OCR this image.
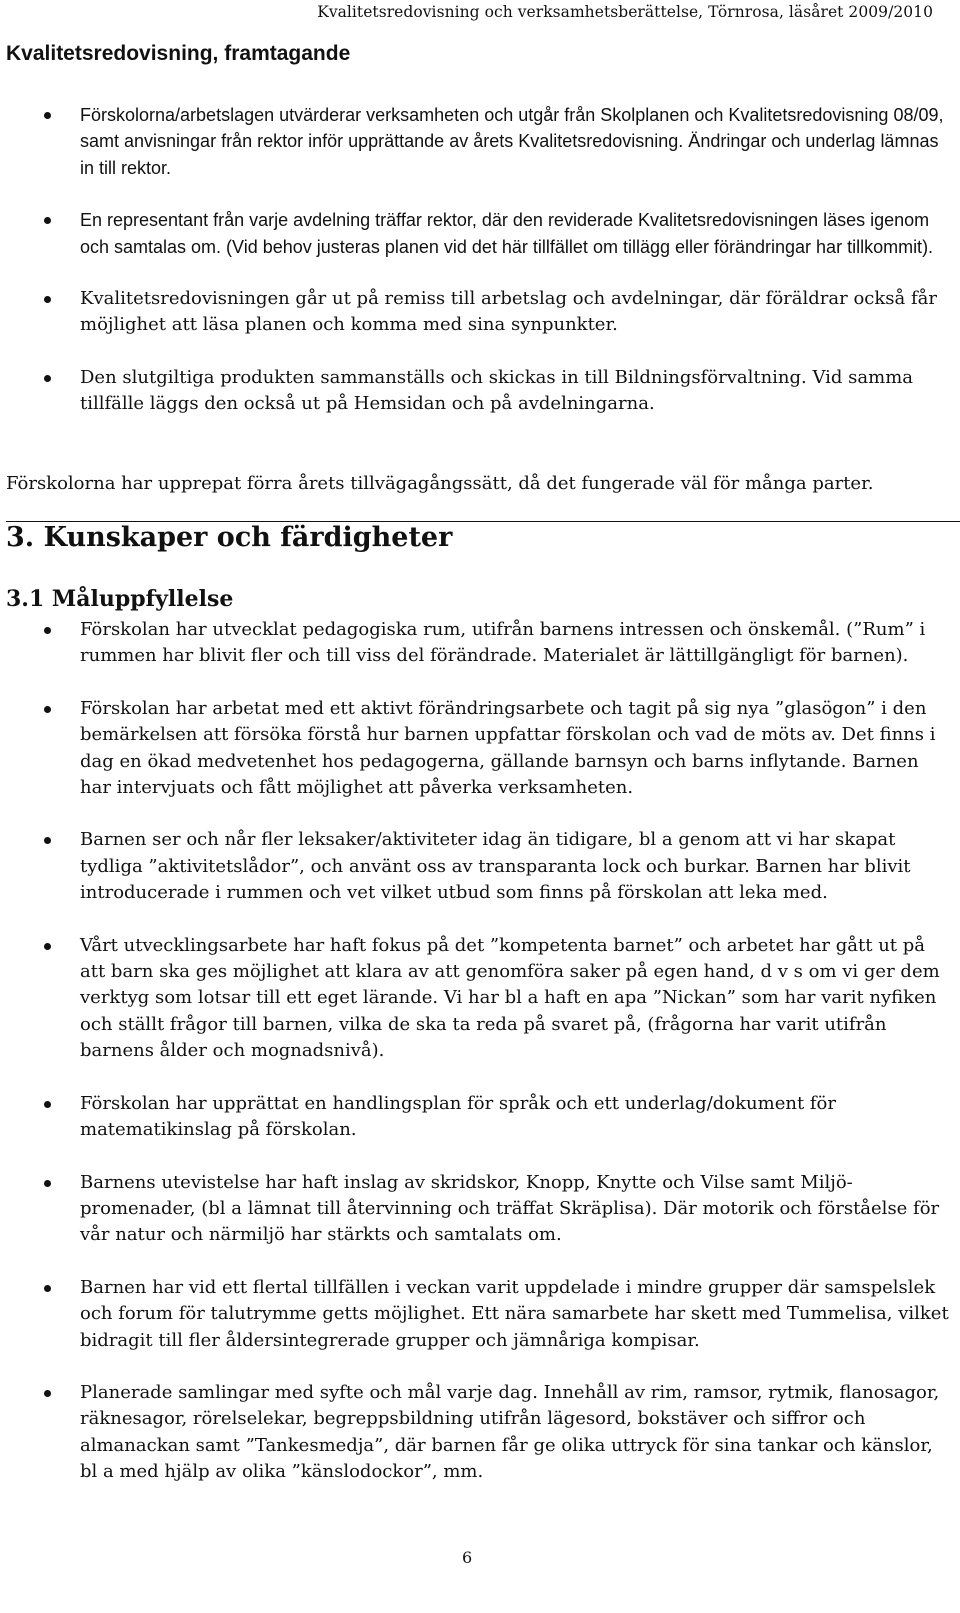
Kvalitetsredovisning och verksamhetsberättelse, Törnrosa, läsåret 2009/2010
Kvalitetsredovisning, framtagande
Förskolorna/arbetslagen utvärderar verksamheten och utgår från Skolplanen och Kvalitetsredovisning 08/09, samt anvisningar från rektor inför upprättande av årets Kvalitetsredovisning. Ändringar och underlag lämnas in till rektor.
En representant från varje avdelning träffar rektor, där den reviderade Kvalitetsredovisningen läses igenom och samtalas om. (Vid behov justeras planen vid det här tillfället om tillägg eller förändringar har tillkommit).
Kvalitetsredovisningen går ut på remiss till arbetslag och avdelningar, där föräldrar också får möjlighet att läsa planen och komma med sina synpunkter.
Den slutgiltiga produkten sammanställs och skickas in till Bildningsförvaltning. Vid samma tillfälle läggs den också ut på Hemsidan och på avdelningarna.
Förskolorna har upprepat förra årets tillvägagångssätt, då det fungerade väl för många parter.
3. Kunskaper och färdigheter
3.1 Måluppfyllelse
Förskolan har utvecklat pedagogiska rum, utifrån barnens intressen och önskemål. (”Rum” i rummen har blivit fler och till viss del förändrade. Materialet är lättillgängligt för barnen).
Förskolan har arbetat med ett aktivt förändringsarbete och tagit på sig nya ”glasögon” i den bemärkelsen att försöka förstå hur barnen uppfattar förskolan och vad de möts av. Det finns i dag en ökad medvetenhet hos pedagogerna, gällande barnsyn och barns inflytande. Barnen har intervjuats och fått möjlighet att påverka verksamheten.
Barnen ser och når fler leksaker/aktiviteter idag än tidigare, bl a genom att vi har skapat tydliga ”aktivitetslådor”, och använt oss av transparanta lock och burkar. Barnen har blivit introducerade i rummen och vet vilket utbud som finns på förskolan att leka med.
Vårt utvecklingsarbete har haft fokus på det ”kompetenta barnet” och arbetet har gått ut på att barn ska ges möjlighet att klara av att genomföra saker på egen hand, d v s om vi ger dem verktyg som lotsar till ett eget lärande. Vi har bl a haft en apa ”Nickan” som har varit nyfiken och ställt frågor till barnen, vilka de ska ta reda på svaret på, (frågorna har varit utifrån barnens ålder och mognadsnivå).
Förskolan har upprättat en handlingsplan för språk och ett underlag/dokument för matematikinslag på förskolan.
Barnens utevistelse har haft inslag av skridskor, Knopp, Knytte och Vilse samt Miljö-promenader, (bl a lämnat till återvinning och träffat Skräplisa). Där motorik och förståelse för vår natur och närmiljö har stärkts och samtalats om.
Barnen har vid ett flertal tillfällen i veckan varit uppdelade i mindre grupper där samspelslek och forum för talutrymme getts möjlighet. Ett nära samarbete har skett med Tummelisa, vilket bidragit till fler åldersintegrerade grupper och jämnåriga kompisar.
Planerade samlingar med syfte och mål varje dag. Innehåll av rim, ramsor, rytmik, flanosagor, räknesagor, rörelselekar, begreppsbildning utifrån lägesord, bokstäver och siffror och almanackan samt ”Tankesmedja”, där barnen får ge olika uttryck för sina tankar och känslor, bl a med hjälp av olika ”känslodockor”, mm.
6
